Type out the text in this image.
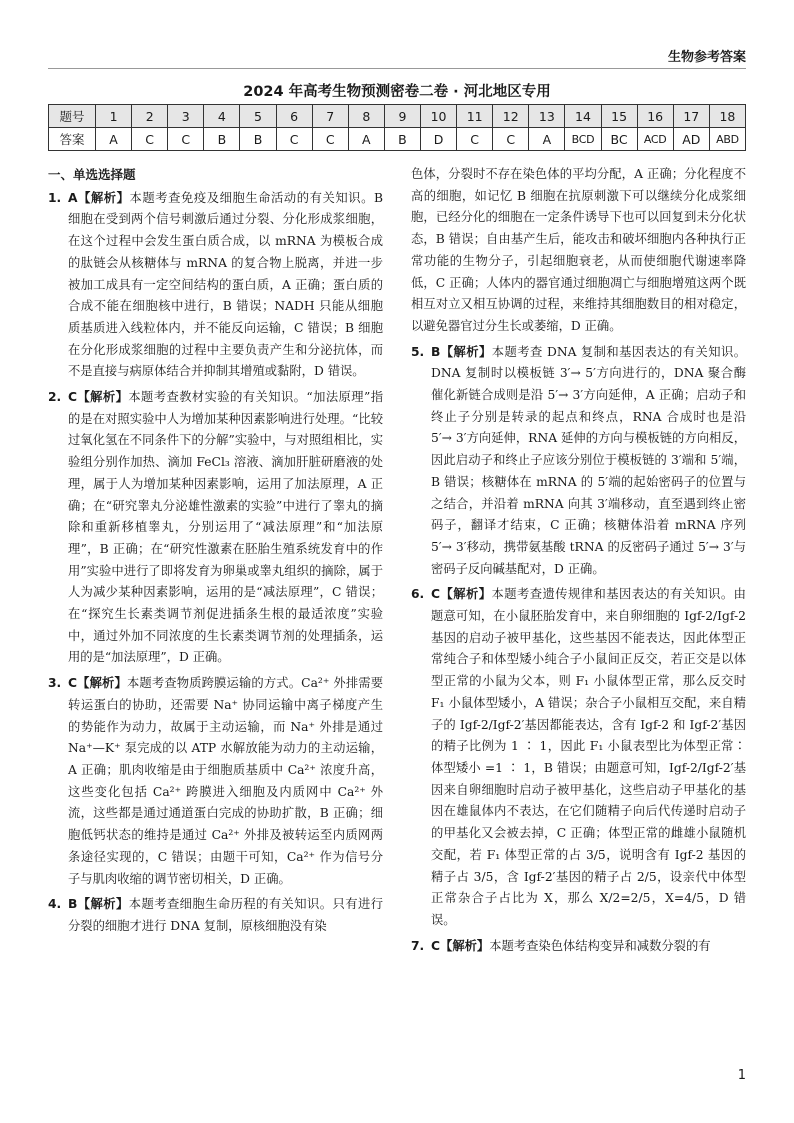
生物参考答案
2024 年高考生物预测密卷二卷 · 河北地区专用
题号	1	2	3	4	5	6	7	8	9	10	11	12	13	14	15	16	17	18
答案	A	C	C	B	B	C	C	A	B	D	C	C	A	BCD	BC	ACD	AD	ABD
一、单选选择题
1. A【解析】本题考查免疫及细胞生命活动的有关知识。B 细胞在受到两个信号刺激后通过分裂、分化形成浆细胞，在这个过程中会发生蛋白质合成，以 mRNA 为模板合成的肽链会从核糖体与 mRNA 的复合物上脱离，并进一步被加工成具有一定空间结构的蛋白质，A 正确；蛋白质的合成不能在细胞核中进行，B 错误；NADH 只能从细胞质基质进入线粒体内，并不能反向运输，C 错误；B 细胞在分化形成浆细胞的过程中主要负责产生和分泌抗体，而不是直接与病原体结合并抑制其增殖或黏附，D 错误。
2. C【解析】本题考查教材实验的有关知识。“加法原理”指的是在对照实验中人为增加某种因素影响进行处理。“比较过氧化氢在不同条件下的分解”实验中，与对照组相比，实验组分别作加热、滴加 FeCl₃ 溶液、滴加肝脏研磨液的处理，属于人为增加某种因素影响，运用了加法原理，A 正确；在“研究睾丸分泌雄性激素的实验”中进行了睾丸的摘除和重新移植睾丸，分别运用了“减法原理”和“加法原理”，B 正确；在“研究性激素在胚胎生殖系统发育中的作用”实验中进行了即将发育为卵巢或睾丸组织的摘除，属于人为减少某种因素影响，运用的是“减法原理”，C 错误；在“探究生长素类调节剂促进插条生根的最适浓度”实验中，通过外加不同浓度的生长素类调节剂的处理插条，运用的是“加法原理”，D 正确。
3. C【解析】本题考查物质跨膜运输的方式。Ca²⁺ 外排需要转运蛋白的协助，还需要 Na⁺ 协同运输中离子梯度产生的势能作为动力，故属于主动运输，而 Na⁺ 外排是通过 Na⁺—K⁺ 泵完成的以 ATP 水解放能为动力的主动运输，A 正确；肌肉收缩是由于细胞质基质中 Ca²⁺ 浓度升高，这些变化包括 Ca²⁺ 跨膜进入细胞及内质网中 Ca²⁺ 外流，这些都是通过通道蛋白完成的协助扩散，B 正确；细胞低钙状态的维持是通过 Ca²⁺ 外排及被转运至内质网两条途径实现的，C 错误；由题干可知，Ca²⁺ 作为信号分子与肌肉收缩的调节密切相关，D 正确。
4. B【解析】本题考查细胞生命历程的有关知识。只有进行分裂的细胞才进行 DNA 复制，原核细胞没有染
色体，分裂时不存在染色体的平均分配，A 正确；分化程度不高的细胞，如记忆 B 细胞在抗原刺激下可以继续分化成浆细胞，已经分化的细胞在一定条件诱导下也可以回复到未分化状态，B 错误；自由基产生后，能攻击和破坏细胞内各种执行正常功能的生物分子，引起细胞衰老，从而使细胞代谢速率降低，C 正确；人体内的器官通过细胞凋亡与细胞增殖这两个既相互对立又相互协调的过程，来维持其细胞数目的相对稳定，以避免器官过分生长或萎缩，D 正确。
5. B【解析】本题考查 DNA 复制和基因表达的有关知识。DNA 复制时以模板链 3′→ 5′方向进行的，DNA 聚合酶催化新链合成则是沿 5′→ 3′方向延伸，A 正确；启动子和终止子分别是转录的起点和终点，RNA 合成时也是沿 5′→ 3′方向延伸，RNA 延伸的方向与模板链的方向相反，因此启动子和终止子应该分别位于模板链的 3′端和 5′端，B 错误；核糖体在 mRNA 的 5′端的起始密码子的位置与之结合，并沿着 mRNA 向其 3′端移动，直至遇到终止密码子，翻译才结束，C 正确；核糖体沿着 mRNA 序列 5′→ 3′移动，携带氨基酸 tRNA 的反密码子通过 5′→ 3′与密码子反向碱基配对，D 正确。
6. C【解析】本题考查遗传规律和基因表达的有关知识。由题意可知，在小鼠胚胎发育中，来自卵细胞的 Igf-2/Igf-2 基因的启动子被甲基化，这些基因不能表达，因此体型正常纯合子和体型矮小纯合子小鼠间正反交，若正交是以体型正常的小鼠为父本，则 F₁ 小鼠体型正常，那么反交时 F₁ 小鼠体型矮小，A 错误；杂合子小鼠相互交配，来自精子的 Igf-2/Igf-2′基因都能表达，含有 Igf-2 和 Igf-2′基因的精子比例为 1 ∶ 1，因此 F₁ 小鼠表型比为体型正常∶体型矮小 =1 ∶ 1，B 错误；由题意可知，Igf-2/Igf-2′基因来自卵细胞时启动子被甲基化，这些启动子甲基化的基因在雄鼠体内不表达，在它们随精子向后代传递时启动子的甲基化又会被去掉，C 正确；体型正常的雌雄小鼠随机交配，若 F₁ 体型正常的占 3/5，说明含有 Igf-2 基因的精子占 3/5，含 Igf-2′基因的精子占 2/5，设亲代中体型正常杂合子占比为 X，那么 X/2=2/5，X=4/5，D 错误。
7. C【解析】本题考查染色体结构变异和减数分裂的有
1
